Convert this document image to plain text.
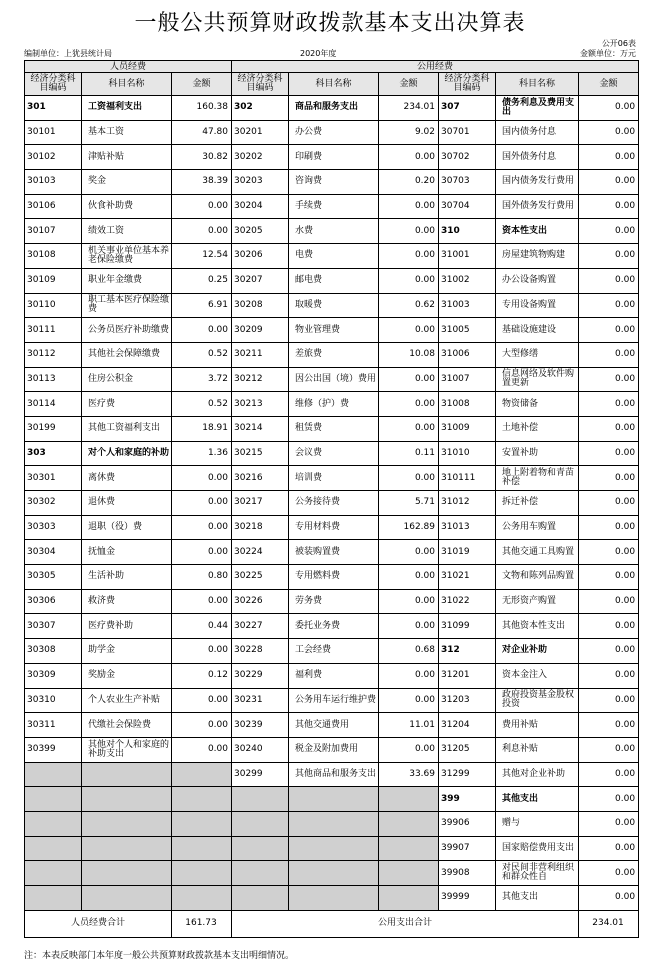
一般公共预算财政拨款基本支出决算表
公开06表
编制单位：上犹县统计局	2020年度	金额单位：万元
人员经费			公用经费					
经济分类科目编码	科目名称	金额	经济分类科目编码	科目名称	金额	经济分类科目编码	科目名称	金额
301	工资福利支出	160.38	302	商品和服务支出	234.01	307	债务利息及费用支出	0.00
30101	基本工资	47.80	30201	办公费	9.02	30701	国内债务付息	0.00
30102	津贴补贴	30.82	30202	印刷费	0.00	30702	国外债务付息	0.00
30103	奖金	38.39	30203	咨询费	0.20	30703	国内债务发行费用	0.00
30106	伙食补助费	0.00	30204	手续费	0.00	30704	国外债务发行费用	0.00
30107	绩效工资	0.00	30205	水费	0.00	310	资本性支出	0.00
30108	机关事业单位基本养老保险缴费	12.54	30206	电费	0.00	31001	房屋建筑物购建	0.00
30109	职业年金缴费	0.25	30207	邮电费	0.00	31002	办公设备购置	0.00
30110	职工基本医疗保险缴费	6.91	30208	取暖费	0.62	31003	专用设备购置	0.00
30111	公务员医疗补助缴费	0.00	30209	物业管理费	0.00	31005	基础设施建设	0.00
30112	其他社会保障缴费	0.52	30211	差旅费	10.08	31006	大型修缮	0.00
30113	住房公积金	3.72	30212	因公出国（境）费用	0.00	31007	信息网络及软件购置更新	0.00
30114	医疗费	0.52	30213	维修（护）费	0.00	31008	物资储备	0.00
30199	其他工资福利支出	18.91	30214	租赁费	0.00	31009	土地补偿	0.00
303	对个人和家庭的补助	1.36	30215	会议费	0.11	31010	安置补助	0.00
30301	离休费	0.00	30216	培训费	0.00	310111	地上附着物和青苗补偿	0.00
30302	退休费	0.00	30217	公务接待费	5.71	31012	拆迁补偿	0.00
30303	退职（役）费	0.00	30218	专用材料费	162.89	31013	公务用车购置	0.00
30304	抚恤金	0.00	30224	被装购置费	0.00	31019	其他交通工具购置	0.00
30305	生活补助	0.80	30225	专用燃料费	0.00	31021	文物和陈列品购置	0.00
30306	救济费	0.00	30226	劳务费	0.00	31022	无形资产购置	0.00
30307	医疗费补助	0.44	30227	委托业务费	0.00	31099	其他资本性支出	0.00
30308	助学金	0.00	30228	工会经费	0.68	312	对企业补助	0.00
30309	奖励金	0.12	30229	福利费	0.00	31201	资本金注入	0.00
30310	个人农业生产补贴	0.00	30231	公务用车运行维护费	0.00	31203	政府投资基金股权投资	0.00
30311	代缴社会保险费	0.00	30239	其他交通费用	11.01	31204	费用补贴	0.00
30399	其他对个人和家庭的补助支出	0.00	30240	税金及附加费用	0.00	31205	利息补贴	0.00
			30299	其他商品和服务支出	33.69	31299	其他对企业补助	0.00
						399	其他支出	0.00
						39906	赠与	0.00
						39907	国家赔偿费用支出	0.00
						39908	对民间非营利组织和群众性自	0.00
						39999	其他支出	0.00
人员经费合计		161.73	公用支出合计					234.01
注：本表反映部门本年度一般公共预算财政拨款基本支出明细情况。
